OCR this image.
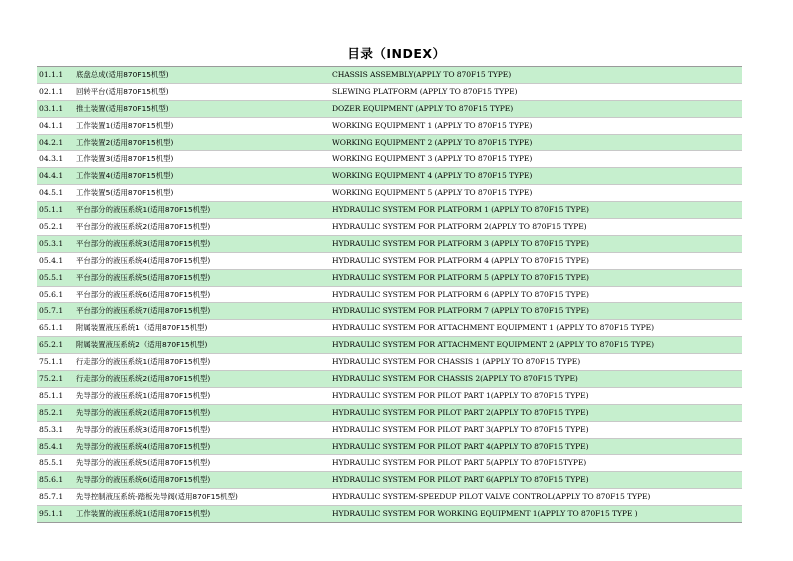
目录（INDEX）
01.1.1 底盘总成(适用870F15机型)	CHASSIS ASSEMBLY(APPLY TO 870F15 TYPE)
02.1.1 回转平台(适用870F15机型)	SLEWING PLATFORM (APPLY TO 870F15 TYPE)
03.1.1 推土装置(适用870F15机型)	DOZER EQUIPMENT (APPLY TO 870F15 TYPE)
04.1.1 工作装置1(适用870F15机型)	WORKING EQUIPMENT 1 (APPLY TO 870F15 TYPE)
04.2.1 工作装置2(适用870F15机型)	WORKING EQUIPMENT 2 (APPLY TO 870F15 TYPE)
04.3.1 工作装置3(适用870F15机型)	WORKING EQUIPMENT 3 (APPLY TO 870F15 TYPE)
04.4.1 工作装置4(适用870F15机型)	WORKING EQUIPMENT 4 (APPLY TO 870F15 TYPE)
04.5.1 工作装置5(适用870F15机型)	WORKING EQUIPMENT 5 (APPLY TO 870F15 TYPE)
05.1.1 平台部分的液压系统1(适用870F15机型)	HYDRAULIC SYSTEM FOR PLATFORM 1 (APPLY TO 870F15 TYPE)
05.2.1 平台部分的液压系统2(适用870F15机型)	HYDRAULIC SYSTEM FOR PLATFORM 2(APPLY TO 870F15 TYPE)
05.3.1 平台部分的液压系统3(适用870F15机型)	HYDRAULIC SYSTEM FOR PLATFORM 3 (APPLY TO 870F15 TYPE)
05.4.1 平台部分的液压系统4(适用870F15机型)	HYDRAULIC SYSTEM FOR PLATFORM 4 (APPLY TO 870F15 TYPE)
05.5.1 平台部分的液压系统5(适用870F15机型)	HYDRAULIC SYSTEM FOR PLATFORM 5 (APPLY TO 870F15 TYPE)
05.6.1 平台部分的液压系统6(适用870F15机型)	HYDRAULIC SYSTEM FOR PLATFORM 6 (APPLY TO 870F15 TYPE)
05.7.1 平台部分的液压系统7(适用870F15机型)	HYDRAULIC SYSTEM FOR PLATFORM 7 (APPLY TO 870F15 TYPE)
65.1.1 附属装置液压系统1（适用870F15机型)	HYDRAULIC SYSTEM FOR ATTACHMENT EQUIPMENT 1 (APPLY TO 870F15 TYPE)
65.2.1 附属装置液压系统2（适用870F15机型)	HYDRAULIC SYSTEM FOR ATTACHMENT EQUIPMENT 2 (APPLY TO 870F15 TYPE)
75.1.1 行走部分的液压系统1(适用870F15机型)	HYDRAULIC SYSTEM FOR CHASSIS 1 (APPLY TO 870F15 TYPE)
75.2.1 行走部分的液压系统2(适用870F15机型)	HYDRAULIC SYSTEM FOR CHASSIS 2(APPLY TO 870F15 TYPE)
85.1.1 先导部分的液压系统1(适用870F15机型)	HYDRAULIC SYSTEM FOR PILOT PART 1(APPLY TO 870F15 TYPE)
85.2.1 先导部分的液压系统2(适用870F15机型)	HYDRAULIC SYSTEM FOR PILOT PART 2(APPLY TO 870F15 TYPE)
85.3.1 先导部分的液压系统3(适用870F15机型)	HYDRAULIC SYSTEM FOR PILOT PART 3(APPLY TO 870F15 TYPE)
85.4.1 先导部分的液压系统4(适用870F15机型)	HYDRAULIC SYSTEM FOR PILOT PART 4(APPLY TO 870F15 TYPE)
85.5.1 先导部分的液压系统5(适用870F15机型)	HYDRAULIC SYSTEM FOR PILOT PART 5(APPLY TO 870F15TYPE)
85.6.1 先导部分的液压系统6(适用870F15机型)	HYDRAULIC SYSTEM FOR PILOT PART 6(APPLY TO 870F15 TYPE)
85.7.1 先导控制液压系统-踏板先导阀(适用870F15机型)	HYDRAULIC SYSTEM-SPEEDUP PILOT VALVE CONTROL(APPLY TO 870F15 TYPE)
95.1.1 工作装置的液压系统1(适用870F15机型)	HYDRAULIC SYSTEM FOR WORKING EQUIPMENT 1(APPLY TO 870F15 TYPE )
